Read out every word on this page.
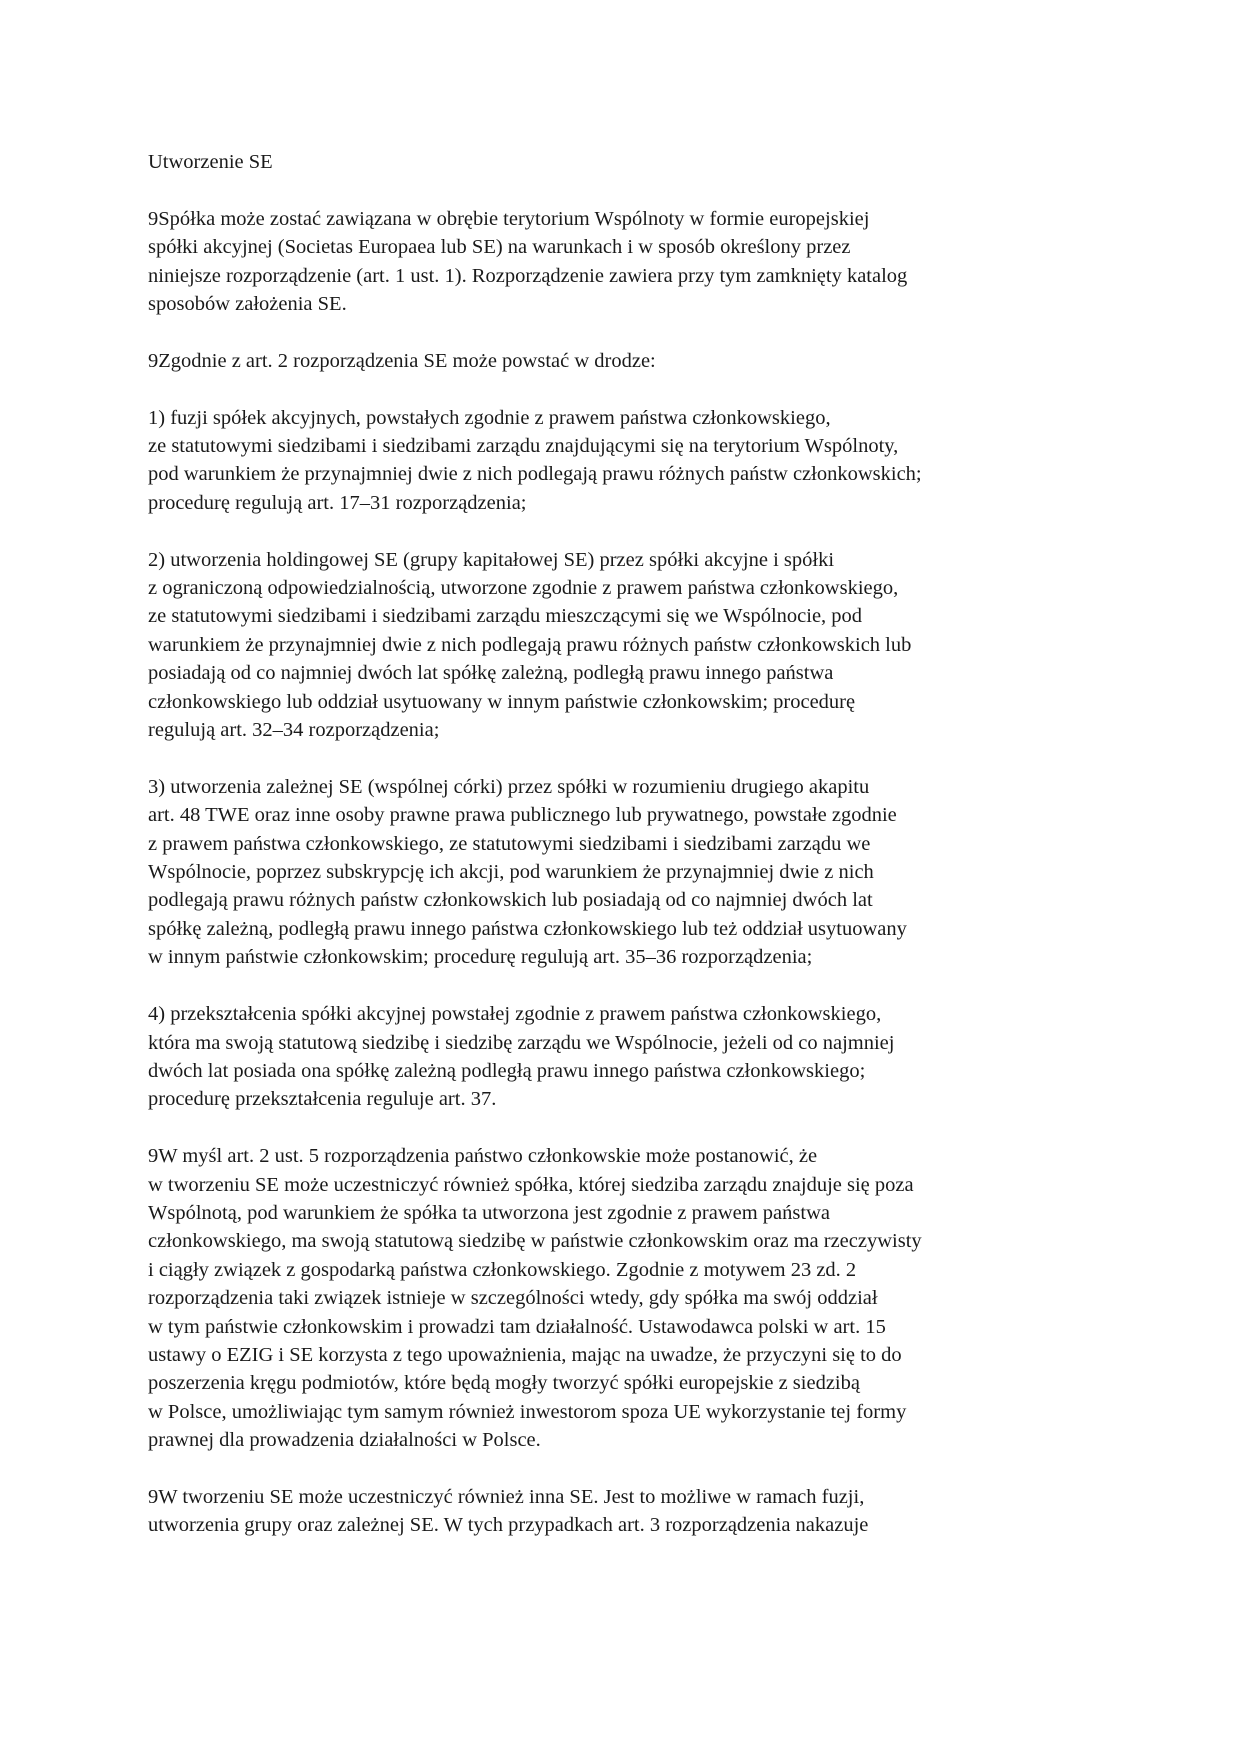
Utworzenie SE

9Spółka może zostać zawiązana w obrębie terytorium Wspólnoty w formie europejskiej
spółki akcyjnej (Societas Europaea lub SE) na warunkach i w sposób określony przez
niniejsze rozporządzenie (art. 1 ust. 1). Rozporządzenie zawiera przy tym zamknięty katalog
sposobów założenia SE.

9Zgodnie z art. 2 rozporządzenia SE może powstać w drodze:

1) fuzji spółek akcyjnych, powstałych zgodnie z prawem państwa członkowskiego,
ze statutowymi siedzibami i siedzibami zarządu znajdującymi się na terytorium Wspólnoty,
pod warunkiem że przynajmniej dwie z nich podlegają prawu różnych państw członkowskich;
procedurę regulują art. 17–31 rozporządzenia;

2) utworzenia holdingowej SE (grupy kapitałowej SE) przez spółki akcyjne i spółki
z ograniczoną odpowiedzialnością, utworzone zgodnie z prawem państwa członkowskiego,
ze statutowymi siedzibami i siedzibami zarządu mieszczącymi się we Wspólnocie, pod
warunkiem że przynajmniej dwie z nich podlegają prawu różnych państw członkowskich lub
posiadają od co najmniej dwóch lat spółkę zależną, podległą prawu innego państwa
członkowskiego lub oddział usytuowany w innym państwie członkowskim; procedurę
regulują art. 32–34 rozporządzenia;

3) utworzenia zależnej SE (wspólnej córki) przez spółki w rozumieniu drugiego akapitu
art. 48 TWE oraz inne osoby prawne prawa publicznego lub prywatnego, powstałe zgodnie
z prawem państwa członkowskiego, ze statutowymi siedzibami i siedzibami zarządu we
Wspólnocie, poprzez subskrypcję ich akcji, pod warunkiem że przynajmniej dwie z nich
podlegają prawu różnych państw członkowskich lub posiadają od co najmniej dwóch lat
spółkę zależną, podległą prawu innego państwa członkowskiego lub też oddział usytuowany
w innym państwie członkowskim; procedurę regulują art. 35–36 rozporządzenia;

4) przekształcenia spółki akcyjnej powstałej zgodnie z prawem państwa członkowskiego,
która ma swoją statutową siedzibę i siedzibę zarządu we Wspólnocie, jeżeli od co najmniej
dwóch lat posiada ona spółkę zależną podległą prawu innego państwa członkowskiego;
procedurę przekształcenia reguluje art. 37.

9W myśl art. 2 ust. 5 rozporządzenia państwo członkowskie może postanowić, że
w tworzeniu SE może uczestniczyć również spółka, której siedziba zarządu znajduje się poza
Wspólnotą, pod warunkiem że spółka ta utworzona jest zgodnie z prawem państwa
członkowskiego, ma swoją statutową siedzibę w państwie członkowskim oraz ma rzeczywisty
i ciągły związek z gospodarką państwa członkowskiego. Zgodnie z motywem 23 zd. 2
rozporządzenia taki związek istnieje w szczególności wtedy, gdy spółka ma swój oddział
w tym państwie członkowskim i prowadzi tam działalność. Ustawodawca polski w art. 15
ustawy o EZIG i SE korzysta z tego upoważnienia, mając na uwadze, że przyczyni się to do
poszerzenia kręgu podmiotów, które będą mogły tworzyć spółki europejskie z siedzibą
w Polsce, umożliwiając tym samym również inwestorom spoza UE wykorzystanie tej formy
prawnej dla prowadzenia działalności w Polsce.

9W tworzeniu SE może uczestniczyć również inna SE. Jest to możliwe w ramach fuzji,
utworzenia grupy oraz zależnej SE. W tych przypadkach art. 3 rozporządzenia nakazuje
